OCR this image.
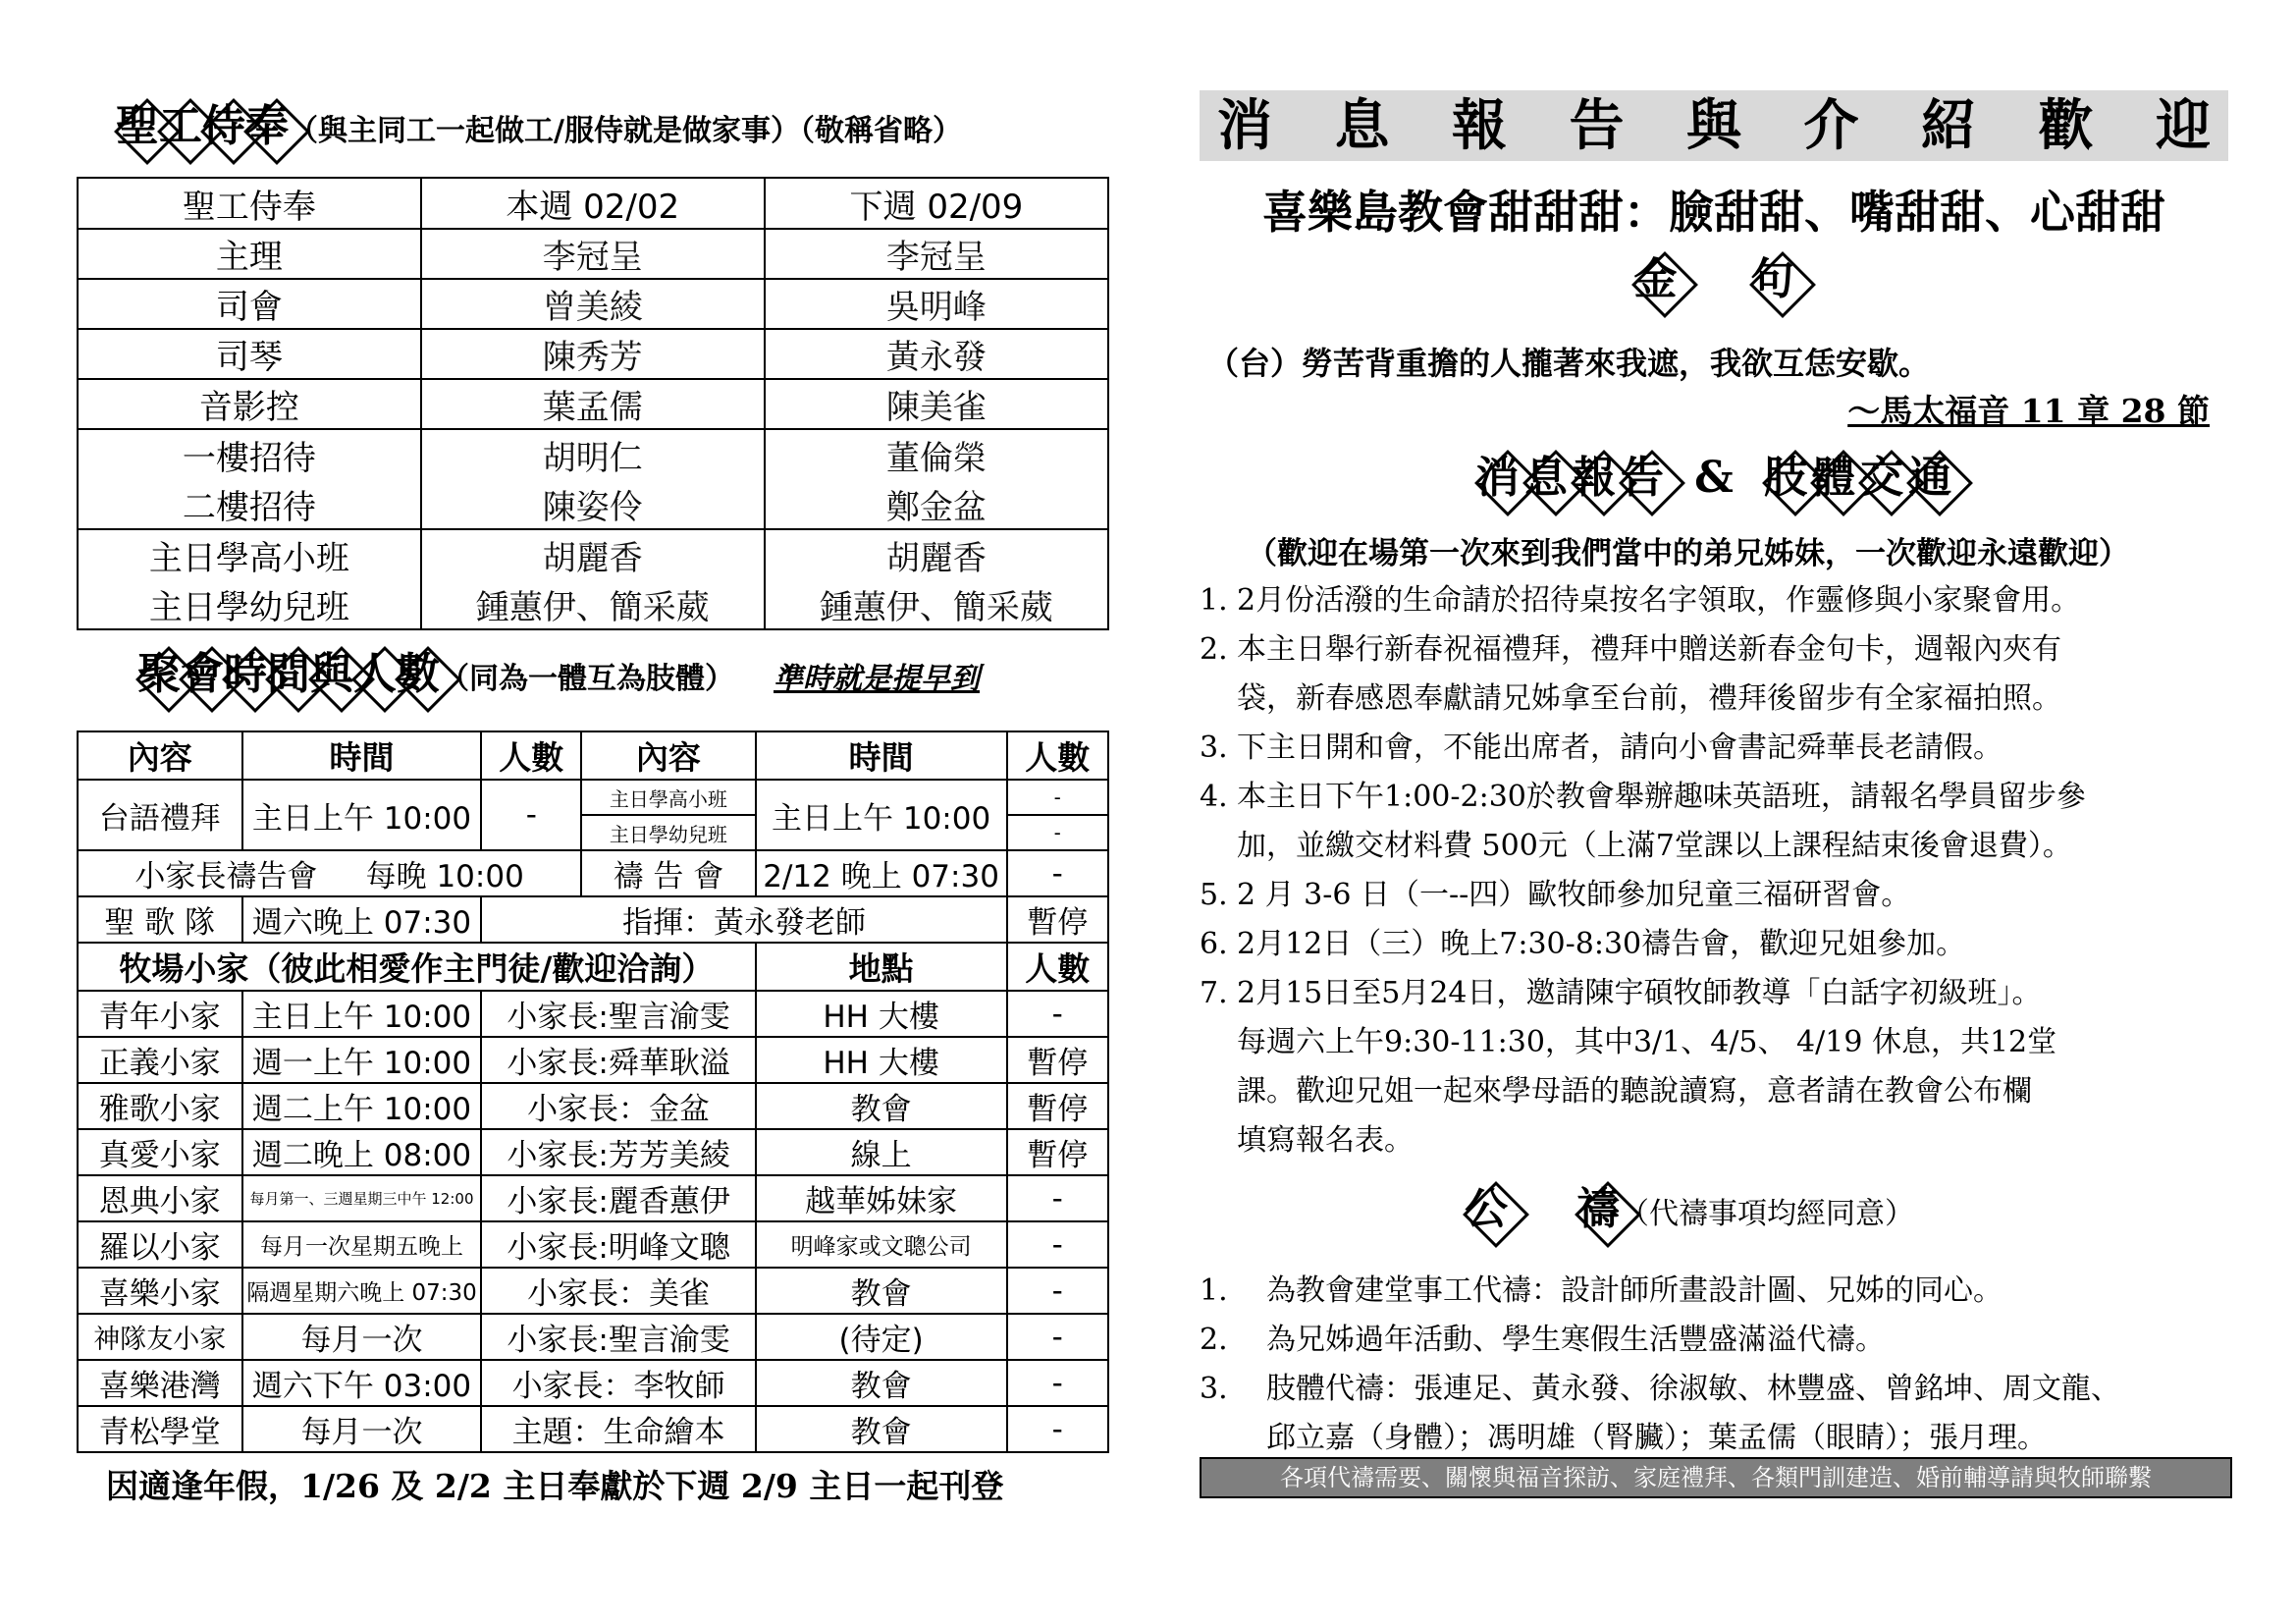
聖 工 侍 奉 （與主同工一起做工/服侍就是做家事）（敬稱省略）
聖工侍奉	本週 02/02	下週 02/09
主理	李冠呈	李冠呈
司會	曾美綾	吳明峰
司琴	陳秀芳	黃永發
音影控	葉孟儒	陳美雀
一樓招待	胡明仁	董倫榮
二樓招待	陳姿伶	鄭金盆
主日學高小班	胡麗香	胡麗香
主日學幼兒班	鍾蕙伊、簡采葳	鍾蕙伊、簡采葳
聚 會 時 間 與 人 數 （同為一體互為肢體） 準時就是提早到
內容	時間	人數	內容	時間	人數
台語禮拜	主日上午 10:00	-	主日學高小班	主日上午 10:00	-
			主日學幼兒班		-
小家長禱告會 每晚 10:00			禱 告 會	2/12 晚上 07:30	-
聖 歌 隊	週六晚上 07:30	指揮：黃永發老師			暫停
牧場小家（彼此相愛作主門徒/歡迎洽詢）				地點	人數
青年小家	主日上午 10:00	小家長:聖言渝雯		HH 大樓	-
正義小家	週一上午 10:00	小家長:舜華耿溢		HH 大樓	暫停
雅歌小家	週二上午 10:00	小家長：金盆		教會	暫停
真愛小家	週二晚上 08:00	小家長:芳芳美綾		線上	暫停
恩典小家	每月第一、三週星期三中午 12:00	小家長:麗香蕙伊		越華姊妹家	-
羅以小家	每月一次星期五晚上	小家長:明峰文聰		明峰家或文聰公司	-
喜樂小家	隔週星期六晚上 07:30	小家長：美雀		教會	-
神隊友小家	每月一次	小家長:聖言渝雯		(待定)	-
喜樂港灣	週六下午 03:00	小家長：李牧師		教會	-
青松學堂	每月一次	主題：生命繪本		教會	-
因適逢年假，1/26 及 2/2 主日奉獻於下週 2/9 主日一起刊登
消 息 報 告 與 介 紹 歡 迎
喜樂島教會甜甜甜：臉甜甜、嘴甜甜、心甜甜
金
句
（台）勞苦背重擔的人攏著來我遮，我欲互恁安歇。
～馬太福音 11 章 28 節
消
息
報
告 & 肢
體
交
通
（歡迎在場第一次來到我們當中的弟兄姊妹，一次歡迎永遠歡迎）
1. 2月份活潑的生命請於招待桌按名字領取，作靈修與小家聚會用。
2. 本主日舉行新春祝福禮拜，禮拜中贈送新春金句卡，週報內夾有
袋，新春感恩奉獻請兄姊拿至台前，禮拜後留步有全家福拍照。
3. 下主日開和會，不能出席者，請向小會書記舜華長老請假。
4. 本主日下午1:00-2:30於教會舉辦趣味英語班，請報名學員留步參
加，並繳交材料費 500元（上滿7堂課以上課程結束後會退費）。
5. 2 月 3-6 日（一--四）歐牧師參加兒童三福研習會。
6. 2月12日（三）晚上7:30-8:30禱告會，歡迎兄姐參加。
7. 2月15日至5月24日，邀請陳宇碩牧師教導「白話字初級班」。
每週六上午9:30-11:30，其中3/1、4/5、 4/19 休息，共12堂
課。歡迎兄姐一起來學母語的聽說讀寫，意者請在教會公布欄
填寫報名表。
公 禱 （代禱事項均經同意）
1.	為教會建堂事工代禱：設計師所畫設計圖、兄姊的同心。
2.	為兄姊過年活動、學生寒假生活豐盛滿溢代禱。
3.	肢體代禱：張連足、黃永發、徐淑敏、林豐盛、曾銘坤、周文龍、
邱立嘉（身體）；馮明雄（腎臟）；葉孟儒（眼睛）；張月理。
各項代禱需要、關懷與福音探訪、家庭禮拜、各類門訓建造、婚前輔導請與牧師聯繫
